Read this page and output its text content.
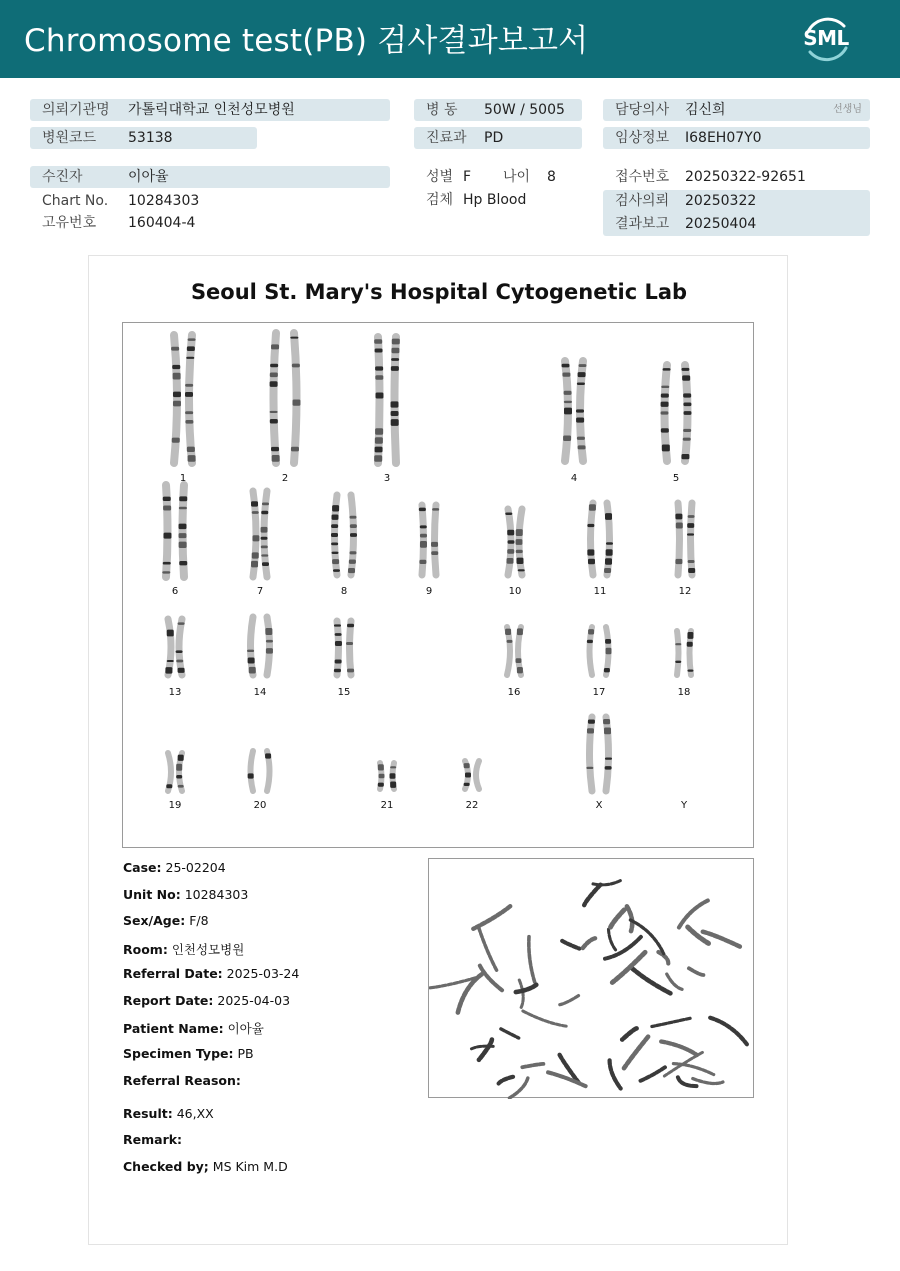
Chromosome test(PB) 검사결과보고서	SML
의뢰기관명 가톨릭대학교 인천성모병원
병원코드 53138
병 동 50W / 5005
진료과 PD
담당의사 김신희	선생님
임상정보 I68EH07Y0
수진자	이아율
Chart No. 10284303
고유번호 160404-4
성별 F 나이 8
검체 Hp Blood
접수번호 20250322-92651
검사의뢰 20250322
결과보고 20250404
Seoul St. Mary's Hospital Cytogenetic Lab
1	2	3	4	5
6	7	8	9	10	11	12
13	14	15	16	17	18
19	20	21	22	X	Y
Case: 25-02204
Unit No: 10284303
Sex/Age: F/8
Room: 인천성모병원
Referral Date: 2025-03-24
Report Date: 2025-04-03
Patient Name: 이아율
Specimen Type: PB
Referral Reason:
Result: 46,XX
Remark:
Checked by; MS Kim M.D
